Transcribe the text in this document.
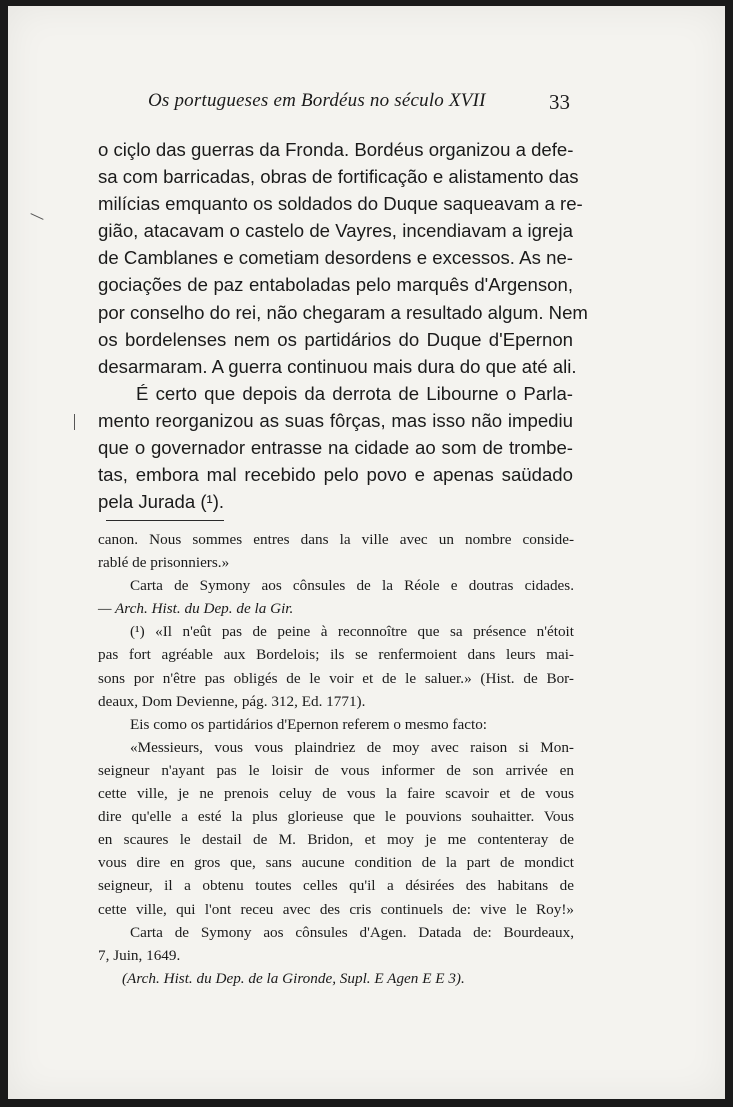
Os portugueses em Bordéus no século XVII	33
o ciçlo das guerras da Fronda. Bordéus organizou a defe-
sa com barricadas, obras de fortificação e alistamento das
milícias emquanto os soldados do Duque saqueavam a re-
gião, atacavam o castelo de Vayres, incendiavam a igreja
de Camblanes e cometiam desordens e excessos. As ne-
gociações de paz entaboladas pelo marquês d'Argenson,
por conselho do rei, não chegaram a resultado algum. Nem
os bordelenses nem os partidários do Duque d'Epernon
desarmaram. A guerra continuou mais dura do que até ali.
É certo que depois da derrota de Libourne o Parla-
mento reorganizou as suas fôrças, mas isso não impediu
que o governador entrasse na cidade ao som de trombe-
tas, embora mal recebido pelo povo e apenas saüdado
pela Jurada (¹).
canon. Nous sommes entres dans la ville avec un nombre conside-
rablé de prisonniers.»
Carta de Symony aos cônsules de la Réole e doutras cidades.
— Arch. Hist. du Dep. de la Gir.
(¹) «Il n'eût pas de peine à reconnoître que sa présence n'étoit
pas fort agréable aux Bordelois; ils se renfermoient dans leurs mai-
sons por n'être pas obligés de le voir et de le saluer.» (Hist. de Bor-
deaux, Dom Devienne, pág. 312, Ed. 1771).
Eis como os partidários d'Epernon referem o mesmo facto:
«Messieurs, vous vous plaindriez de moy avec raison si Mon-
seigneur n'ayant pas le loisir de vous informer de son arrivée en
cette ville, je ne prenois celuy de vous la faire scavoir et de vous
dire qu'elle a esté la plus glorieuse que le pouvions souhaitter. Vous
en scaures le destail de M. Bridon, et moy je me contenteray de
vous dire en gros que, sans aucune condition de la part de mondict
seigneur, il a obtenu toutes celles qu'il a désirées des habitans de
cette ville, qui l'ont receu avec des cris continuels de: vive le Roy!»
Carta de Symony aos cônsules d'Agen. Datada de: Bourdeaux,
7, Juin, 1649.
(Arch. Hist. du Dep. de la Gironde, Supl. E Agen E E 3).
